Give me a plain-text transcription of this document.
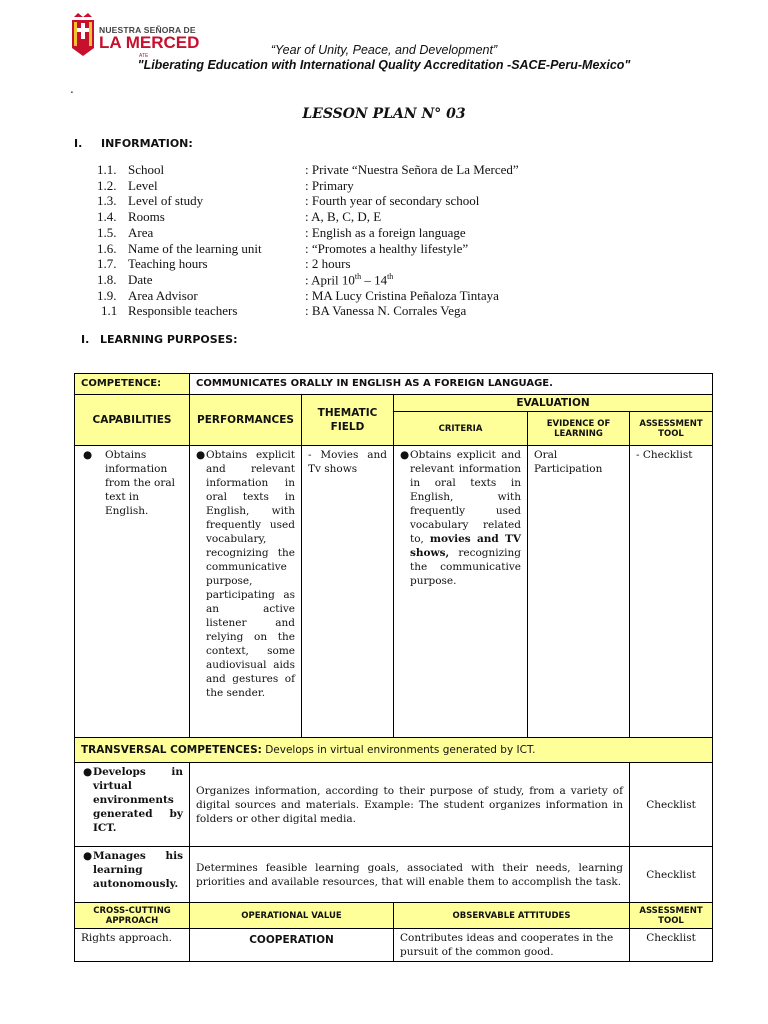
NUESTRA SEÑORA DE
LA MERCED
ATE	“Year of Unity, Peace, and Development”
"Liberating Education with International Quality Accreditation -SACE-Peru-Mexico"
.
LESSON PLAN N° 03
I. INFORMATION:
1.1. School	: Private “Nuestra Señora de La Merced”
1.2. Level	: Primary
1.3. Level of study	: Fourth year of secondary school
1.4. Rooms	: A, B, C, D, E
1.5. Area	: English as a foreign language
1.6. Name of the learning unit	: “Promotes a healthy lifestyle”
1.7. Teaching hours	: 2 hours
1.8. Date	: April 10th – 14th
1.9. Area Advisor	: MA Lucy Cristina Peñaloza Tintaya
1.1 Responsible teachers	: BA Vanessa N. Corrales Vega
I. LEARNING PURPOSES:
COMPETENCE:	COMMUNICATES ORALLY IN ENGLISH AS A FOREIGN LANGUAGE.				
CAPABILITIES	PERFORMANCES	THEMATIC FIELD	EVALUATION		
			CRITERIA	EVIDENCE OF LEARNING	ASSESSMENT TOOL

● Obtains information from the oral text in English.	● Obtains explicit and relevant information in oral texts in English, with frequently used vocabulary, recognizing the communicative purpose, participating as an active listener and relying on the context, some audiovisual aids and gestures of the sender.	- Movies and Tv shows	● Obtains explicit and relevant information in oral texts in English, with frequently used vocabulary related to, movies and TV shows, recognizing the communicative purpose.	Oral Participation	- Checklist
TRANSVERSAL COMPETENCES: Develops in virtual environments generated by ICT.					

● Develops in virtual environments generated by ICT.	Organizes information, according to their purpose of study, from a variety of digital sources and materials. Example: The student organizes information in folders or other digital media.				Checklist

● Manages his learning autonomously.	Determines feasible learning goals, associated with their needs, learning priorities and available resources, that will enable them to accomplish the task.				Checklist
CROSS-CUTTING APPROACH	OPERATIONAL VALUE		OBSERVABLE ATTITUDES		ASSESSMENT TOOL
Rights approach.	COOPERATION		Contributes ideas and cooperates in the pursuit of the common good.		Checklist
